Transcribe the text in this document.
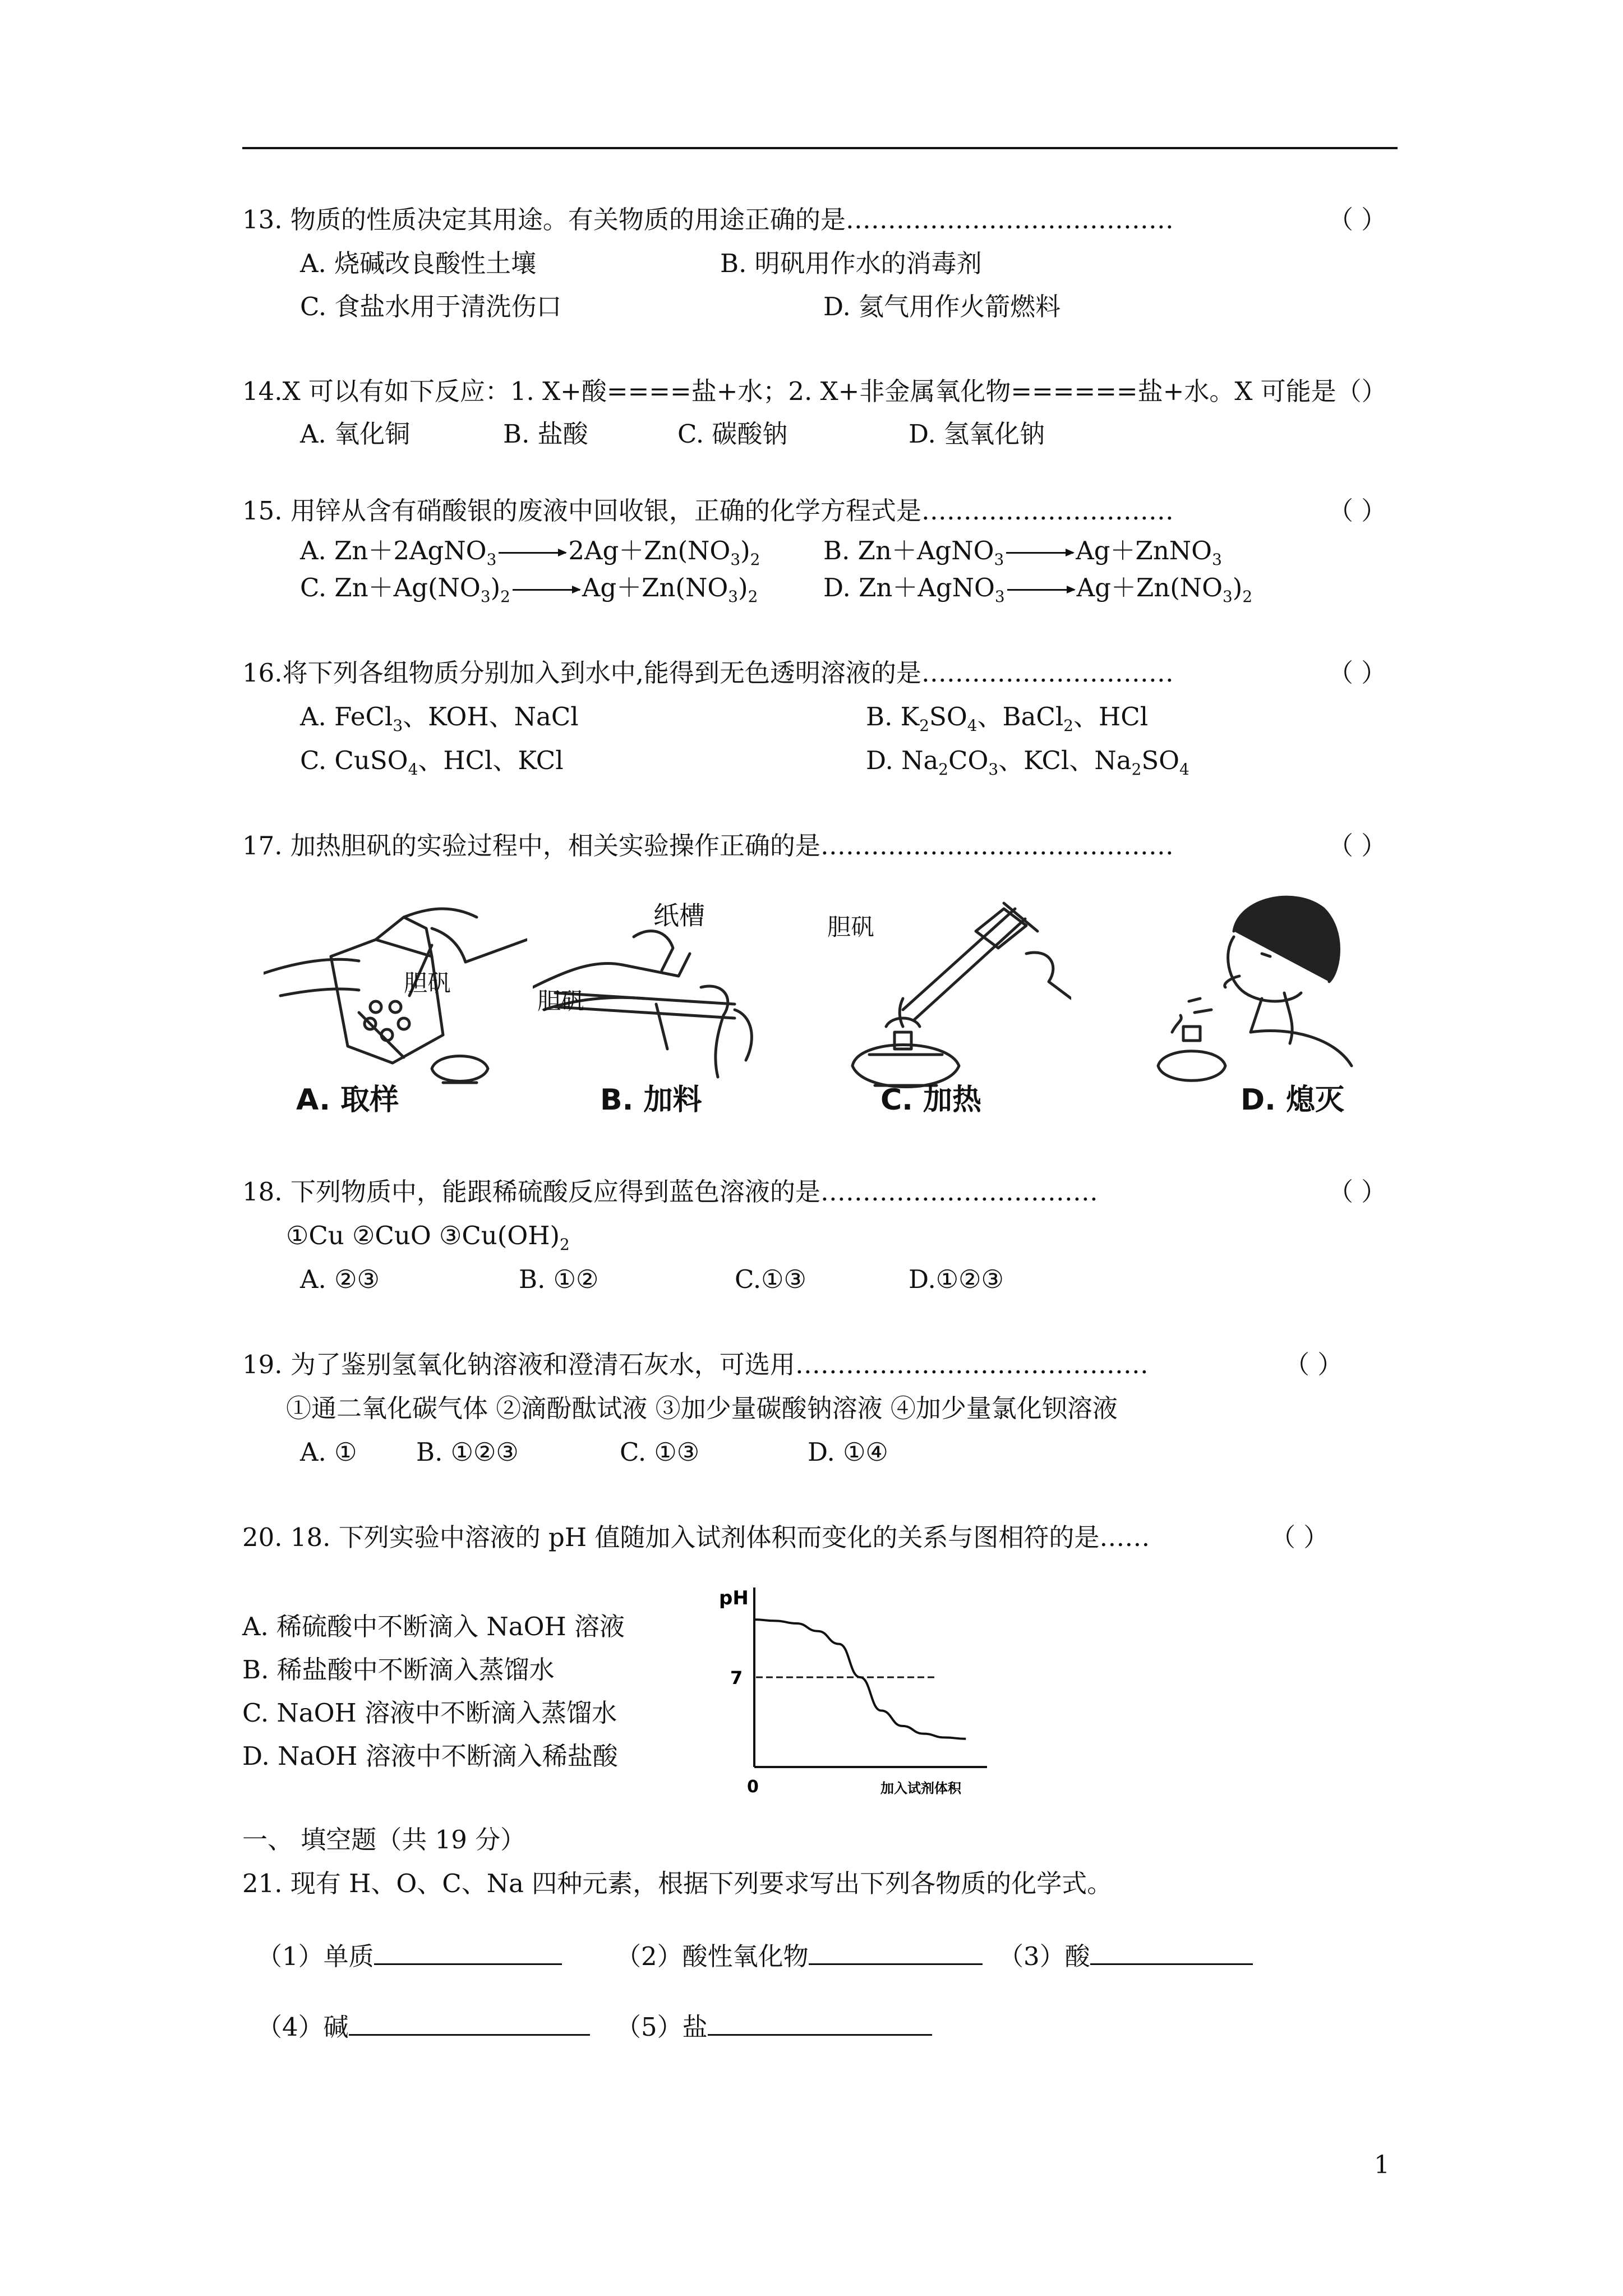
13. 物质的性质决定其用途。有关物质的用途正确的是…………………………………	（ ）
A. 烧碱改良酸性土壤	B. 明矾用作水的消毒剂
C. 食盐水用于清洗伤口	D. 氦气用作火箭燃料
14.X 可以有如下反应：1. X+酸====盐+水；2. X+非金属氧化物======盐+水。X 可能是（）
A. 氧化铜	B. 盐酸	C. 碳酸钠	D. 氢氧化钠
15. 用锌从含有硝酸银的废液中回收银，正确的化学方程式是…………………………	（ ）
A. Zn＋2AgNO$_3$ → $2Ag+Zn(NO_3)_2$	B. Zn＋AgNO$_3$ → Ag＋ZnNO$_3$
C. $Zn+Ag(NO_3)_2 \to Ag+Zn(NO_3)_2$	D. Zn＋AgNO$_3$ → $Ag+Zn(NO_3)_2$
16.将下列各组物质分别加入到水中,能得到无色透明溶液的是…………………………	（ ）
A. FeCl$_3$、KOH、NaCl	B. $K_2SO_4$、BaCl$_2$、HCl
C. CuSO$_4$、HCl、KCl	D. $Na_2CO_3$、KCl、$Na_2SO_4$
17. 加热胆矾的实验过程中，相关实验操作正确的是……………………………………	（ ）
胆矾
纸槽
胆矾
胆矾
A. 取样	B. 加料	C. 加热	D. 熄灭
18. 下列物质中，能跟稀硫酸反应得到蓝色溶液的是……………………………	（ ）
①Cu ②CuO $③Cu(OH)_2$
A. ②③	B. ①②	C.①③	D.①②③
19. 为了鉴别氢氧化钠溶液和澄清石灰水，可选用……………………………………	（ ）
①通二氧化碳气体 ②滴酚酞试液 ③加少量碳酸钠溶液 ④加少量氯化钡溶液
A. ① B. ①②③	C. ①③	D. ①④
20. 18. 下列实验中溶液的 pH 值随加入试剂体积而变化的关系与图相符的是……	（ ）
A. 稀硫酸中不断滴入 NaOH 溶液
B. 稀盐酸中不断滴入蒸馏水
C. NaOH 溶液中不断滴入蒸馏水
D. NaOH 溶液中不断滴入稀盐酸
pH
0	加入试剂体积
7
一、 填空题（共 19 分）
21. 现有 H、O、C、Na 四种元素，根据下列要求写出下列各物质的化学式。
（1）单质	（2）酸性氧化物	（3）酸
（4）碱	（5）盐
1
